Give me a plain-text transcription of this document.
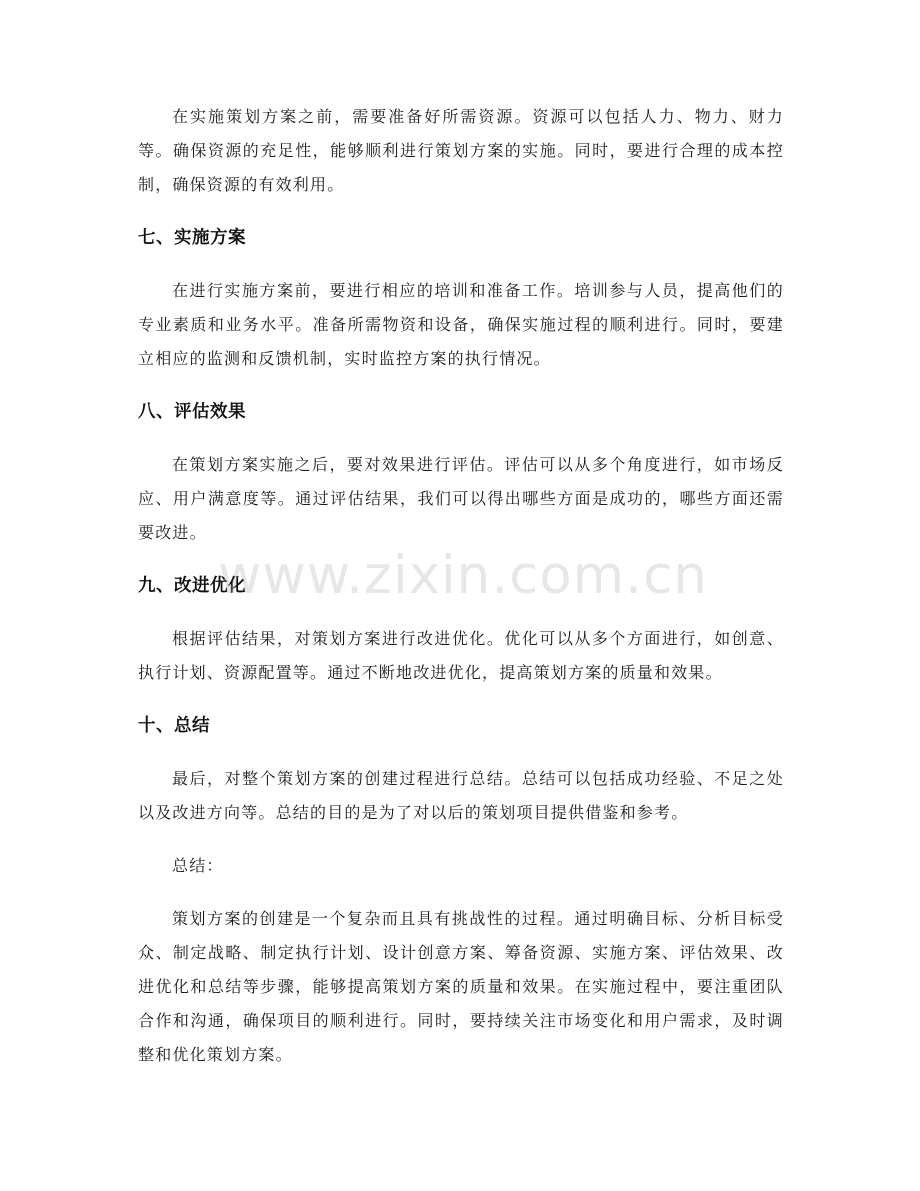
在实施策划方案之前，需要准备好所需资源。资源可以包括人力、物力、财力等。确保资源的充足性，能够顺利进行策划方案的实施。同时，要进行合理的成本控制，确保资源的有效利用。

七、实施方案

在进行实施方案前，要进行相应的培训和准备工作。培训参与人员，提高他们的专业素质和业务水平。准备所需物资和设备，确保实施过程的顺利进行。同时，要建立相应的监测和反馈机制，实时监控方案的执行情况。

八、评估效果

在策划方案实施之后，要对效果进行评估。评估可以从多个角度进行，如市场反应、用户满意度等。通过评估结果，我们可以得出哪些方面是成功的，哪些方面还需要改进。

九、改进优化

根据评估结果，对策划方案进行改进优化。优化可以从多个方面进行，如创意、执行计划、资源配置等。通过不断地改进优化，提高策划方案的质量和效果。

十、总结

最后，对整个策划方案的创建过程进行总结。总结可以包括成功经验、不足之处以及改进方向等。总结的目的是为了对以后的策划项目提供借鉴和参考。

总结：

策划方案的创建是一个复杂而且具有挑战性的过程。通过明确目标、分析目标受众、制定战略、制定执行计划、设计创意方案、筹备资源、实施方案、评估效果、改进优化和总结等步骤，能够提高策划方案的质量和效果。在实施过程中，要注重团队合作和沟通，确保项目的顺利进行。同时，要持续关注市场变化和用户需求，及时调整和优化策划方案。

www.zixin.com.cn
